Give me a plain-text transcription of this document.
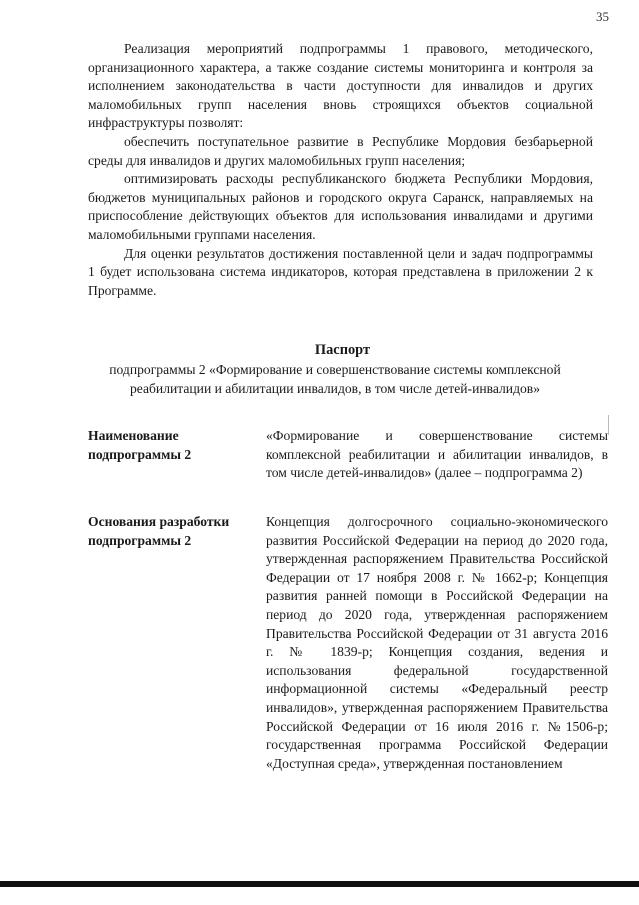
35

Реализация мероприятий подпрограммы 1 правового, методического, организационного характера, а также создание системы мониторинга и контроля за исполнением законодательства в части доступности для инвалидов и других маломобильных групп населения вновь строящихся объектов социальной инфраструктуры позволят:

обеспечить поступательное развитие в Республике Мордовия безбарьерной среды для инвалидов и других маломобильных групп населения;

оптимизировать расходы республиканского бюджета Республики Мордовия, бюджетов муниципальных районов и городского округа Саранск, направляемых на приспособление действующих объектов для использования инвалидами и другими маломобильными группами населения.

Для оценки результатов достижения поставленной цели и задач подпрограммы 1 будет использована система индикаторов, которая представлена в приложении 2 к Программе.

Паспорт
подпрограммы 2 «Формирование и совершенствование системы комплексной реабилитации и абилитации инвалидов, в том числе детей-инвалидов»
Наименование подпрограммы 2
«Формирование и совершенствование системы комплексной реабилитации и абилитации инвалидов, в том числе детей-инвалидов» (далее – подпрограмма 2)
Основания разработки подпрограммы 2
Концепция долгосрочного социально-экономического развития Российской Федерации на период до 2020 года, утвержденная распоряжением Правительства Российской Федерации от 17 ноября 2008 г. № 1662-р; Концепция развития ранней помощи в Российской Федерации на период до 2020 года, утвержденная распоряжением Правительства Российской Федерации от 31 августа 2016 г. № 1839-р; Концепция создания, ведения и использования федеральной государственной информационной системы «Федеральный реестр инвалидов», утвержденная распоряжением Правительства Российской Федерации от 16 июля 2016 г. №1506-р; государственная программа Российской Федерации «Доступная среда», утвержденная постановлением
